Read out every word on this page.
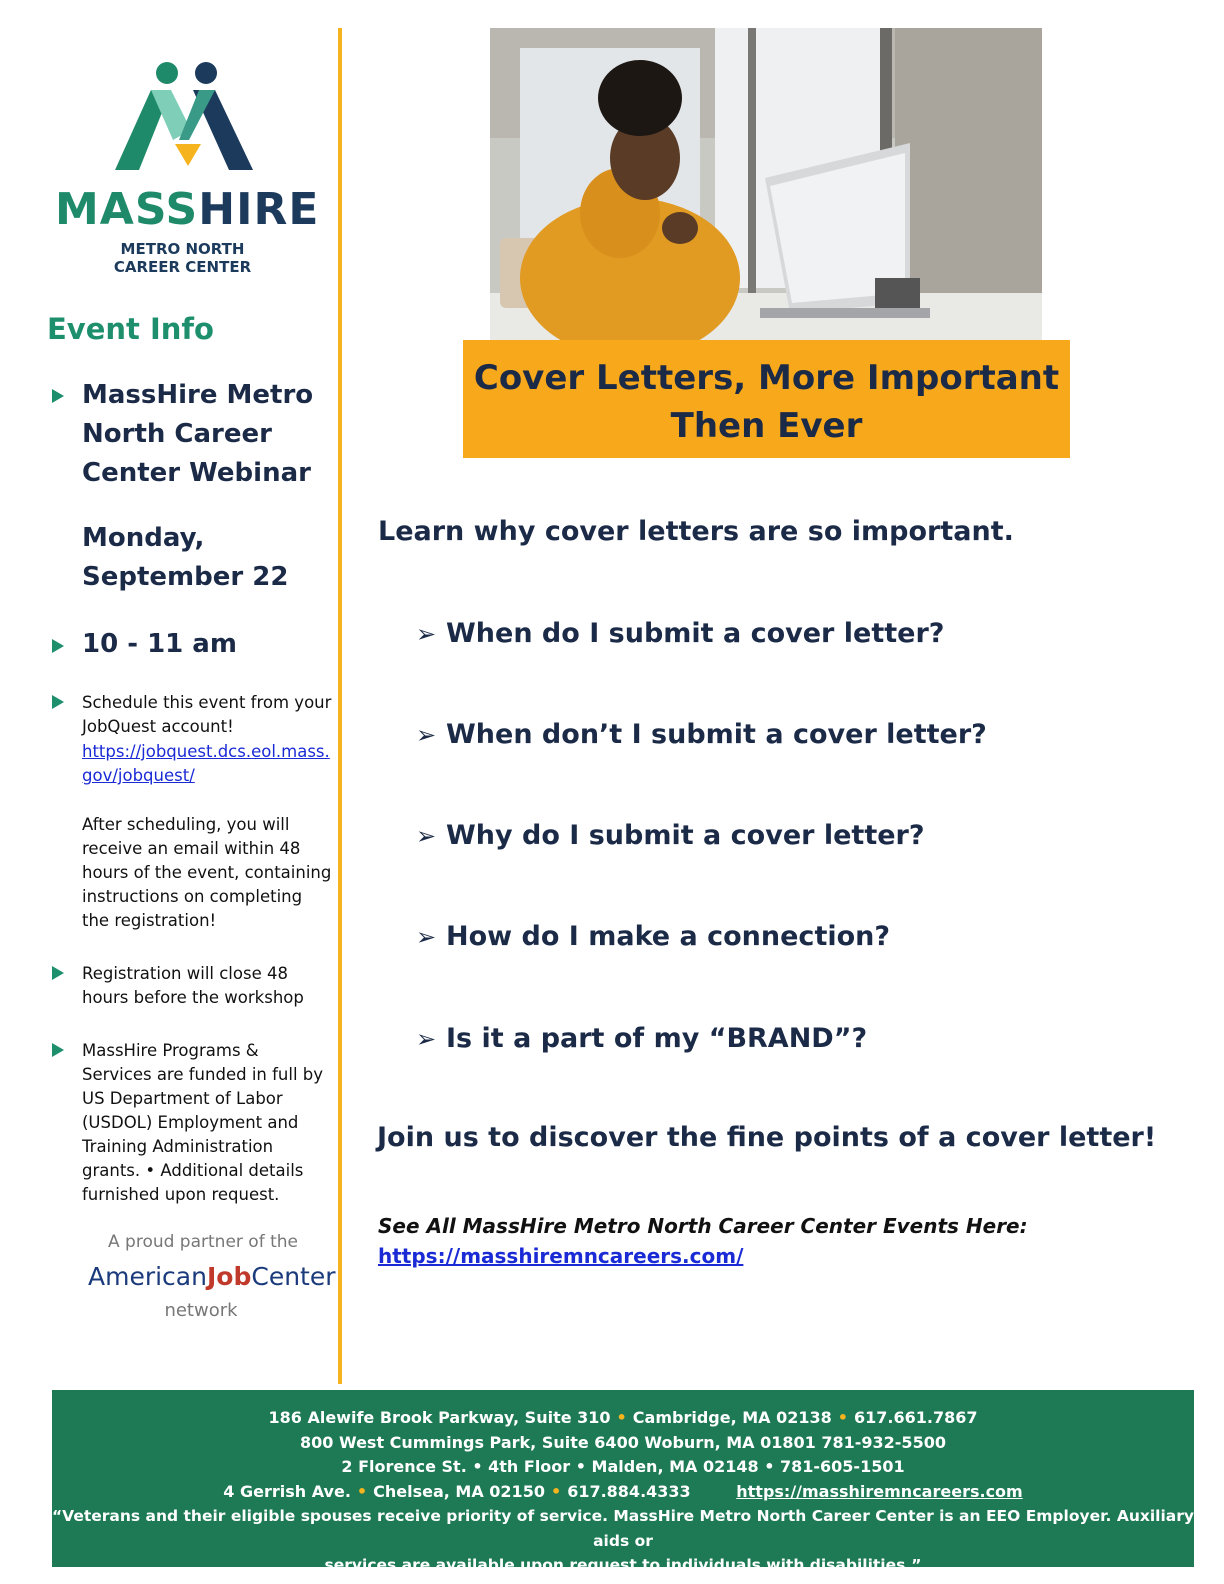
MASSHIRE
METRO NORTH
CAREER CENTER
Event Info
MassHire Metro North Career Center Webinar
Monday, September 22
10 - 11 am
Schedule this event from your JobQuest account!
https://jobquest.dcs.eol.mass.gov/jobquest/
After scheduling, you will receive an email within 48 hours of the event, containing instructions on completing the registration!
Registration will close 48 hours before the workshop
MassHire Programs & Services are funded in full by US Department of Labor (USDOL) Employment and Training Administration grants. • Additional details furnished upon request.
A proud partner of the
AmericanJobCenter
network
Cover Letters, More Important
Then Ever
Learn why cover letters are so important.
➢ When do I submit a cover letter?
➢ When don’t I submit a cover letter?
➢ Why do I submit a cover letter?
➢ How do I make a connection?
➢ Is it a part of my “BRAND”?
Join us to discover the fine points of a cover letter!
See All MassHire Metro North Career Center Events Here:
https://masshiremncareers.com/
186 Alewife Brook Parkway, Suite 310 • Cambridge, MA 02138 • 617.661.7867
800 West Cummings Park, Suite 6400 Woburn, MA 01801 781-932-5500
2 Florence St. • 4th Floor • Malden, MA 02148 • 781-605-1501
4 Gerrish Ave. • Chelsea, MA 02150 • 617.884.4333	https://masshiremncareers.com
“Veterans and their eligible spouses receive priority of service. MassHire Metro North Career Center is an EEO Employer. Auxiliary aids or
services are available upon request to individuals with disabilities.”
